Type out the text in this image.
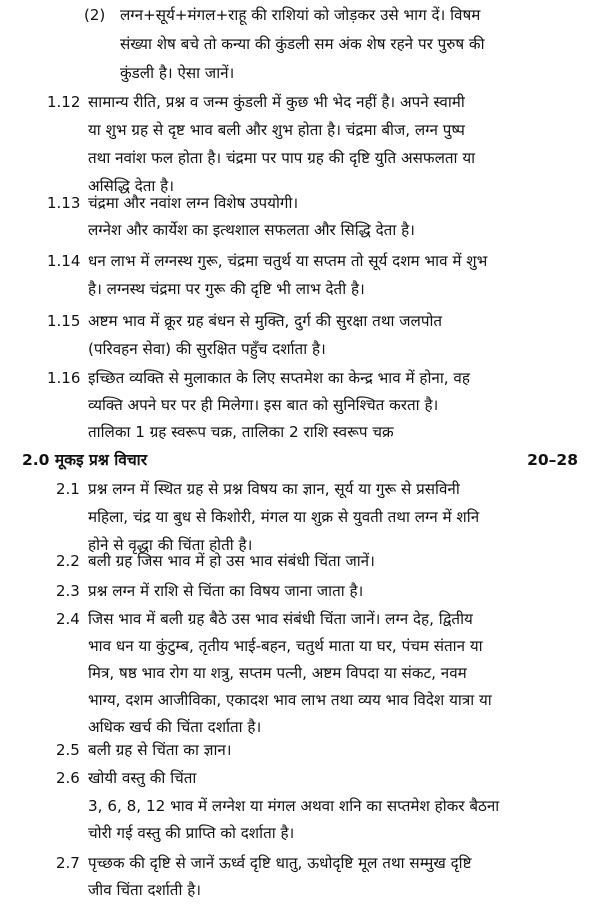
(2) लग्न+सूर्य+मंगल+राहू की राशियां को जोड़कर उसे भाग दें। विषम
संख्या शेष बचे तो कन्या की कुंडली सम अंक शेष रहने पर पुरुष की
कुंडली है। ऐसा जानें।
1.12 सामान्य रीति, प्रश्न व जन्म कुंडली में कुछ भी भेद नहीं है। अपने स्वामी
या शुभ ग्रह से दृष्ट भाव बली और शुभ होता है। चंद्रमा बीज, लग्न पुष्प
तथा नवांश फल होता है। चंद्रमा पर पाप ग्रह की दृष्टि युति असफलता या
असिद्धि देता है।
1.13 चंद्रमा और नवांश लग्न विशेष उपयोगी।
लग्नेश और कार्येश का इत्थशाल सफलता और सिद्धि देता है।
1.14 धन लाभ में लग्नस्थ गुरू, चंद्रमा चतुर्थ या सप्तम तो सूर्य दशम भाव में शुभ
है। लग्नस्थ चंद्रमा पर गुरू की दृष्टि भी लाभ देती है।
1.15 अष्टम भाव में क्रूर ग्रह बंधन से मुक्ति, दुर्ग की सुरक्षा तथा जलपोत
(परिवहन सेवा) की सुरक्षित पहुँच दर्शाता है।
1.16 इच्छित व्यक्ति से मुलाकात के लिए सप्तमेश का केन्द्र भाव में होना, वह
व्यक्ति अपने घर पर ही मिलेगा। इस बात को सुनिश्चित करता है।
तालिका 1 ग्रह स्वरूप चक्र, तालिका 2 राशि स्वरूप चक्र
2.0 मूकइ प्रश्न विचार	20–28
2.1 प्रश्न लग्न में स्थित ग्रह से प्रश्न विषय का ज्ञान, सूर्य या गुरू से प्रसविनी
महिला, चंद्र या बुध से किशोरी, मंगल या शुक्र से युवती तथा लग्न में शनि
होने से वृद्धा की चिंता होती है।
2.2 बली ग्रह जिस भाव में हो उस भाव संबंधी चिंता जानें।
2.3 प्रश्न लग्न में राशि से चिंता का विषय जाना जाता है।
2.4 जिस भाव में बली ग्रह बैठे उस भाव संबंधी चिंता जानें। लग्न देह, द्वितीय
भाव धन या कुंटुम्ब, तृतीय भाई-बहन, चतुर्थ माता या घर, पंचम संतान या
मित्र, षष्ठ भाव रोग या शत्रु, सप्तम पत्नी, अष्टम विपदा या संकट, नवम
भाग्य, दशम आजीविका, एकादश भाव लाभ तथा व्यय भाव विदेश यात्रा या
अधिक खर्च की चिंता दर्शाता है।
2.5 बली ग्रह से चिंता का ज्ञान।
2.6 खोयी वस्तु की चिंता
3, 6, 8, 12 भाव में लग्नेश या मंगल अथवा शनि का सप्तमेश होकर बैठना
चोरी गई वस्तु की प्राप्ति को दर्शाता है।
2.7 पृच्छक की दृष्टि से जानें ऊर्ध्व दृष्टि धातु, ऊधोदृष्टि मूल तथा सम्मुख दृष्टि
जीव चिंता दर्शाती है।
